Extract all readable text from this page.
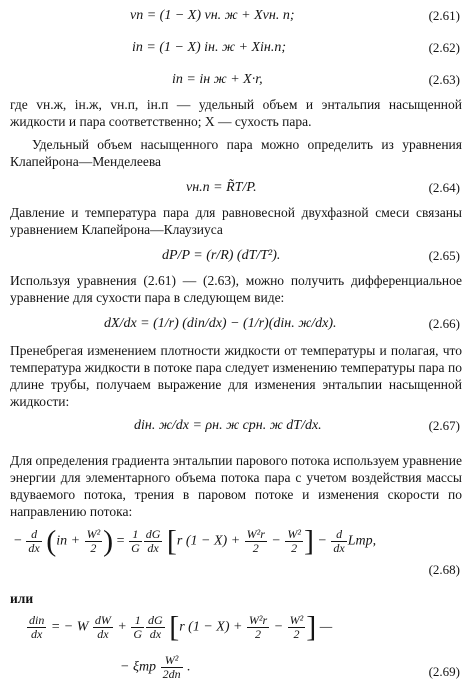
vп = (1 − X) vн. ж + Xvн. п;	(2.61)
iп = (1 − X) iн. ж + Xiн.п;	(2.62)
iп = iн ж + X·r,	(2.63)

где vн.ж, iн.ж, vн.п, iн.п — удельный объем и энтальпия насыщенной жидкости и пара соответственно; X — сухость пара.

Удельный объем насыщенного пара можно определить из уравнения Клапейрона—Менделеева

vн.п = R̃T/P.	(2.64)

Давление и температура пара для равновесной двухфазной смеси связаны уравнением Клапейрона—Клаузиуса

dP/P = (r/R) (dT/T²).	(2.65)

Используя уравнения (2.61) — (2.63), можно получить дифференциальное уравнение для сухости пара в следующем виде:

dX/dx = (1/r) (diп/dx) − (1/r)(diн. ж/dx).	(2.66)

Пренебрегая изменением плотности жидкости от температуры и полагая, что температура жидкости в потоке пара следует изменению температуры пара по длине трубы, получаем выражение для изменения энтальпии насыщенной жидкости:

diн. ж/dx = ρн. ж cpн. ж dT/dx.	(2.67)

Для определения градиента энтальпии парового потока используем уравнение энергии для элементарного объема потока пара с учетом воздействия массы вдуваемого потока, трения в паровом потоке и изменения скорости по направлению потока:

− $\frac{d}{dx} (iп + \frac{\text{W²}}{2}$ ) = $\frac{1}{G} \frac{dG}{dx} [r$ $(1 - X) + \frac{\text{W²r}}{2} - \frac{\text{W²}}{2}$ ] − $\frac{d}{dx}$ Lтр,
(2.68)
или
$\frac{\text{diп}}{dx}$ = − W $\frac{dW}{dx} + \frac{1}{G} \frac{dG}{dx} [r$ $(1 - X) + \frac{\text{W²r}}{2} - \frac{\text{W²}}{2}$ ] —
− ξтр $\frac{\text{W²}}{2dп}$ .	(2.69)
